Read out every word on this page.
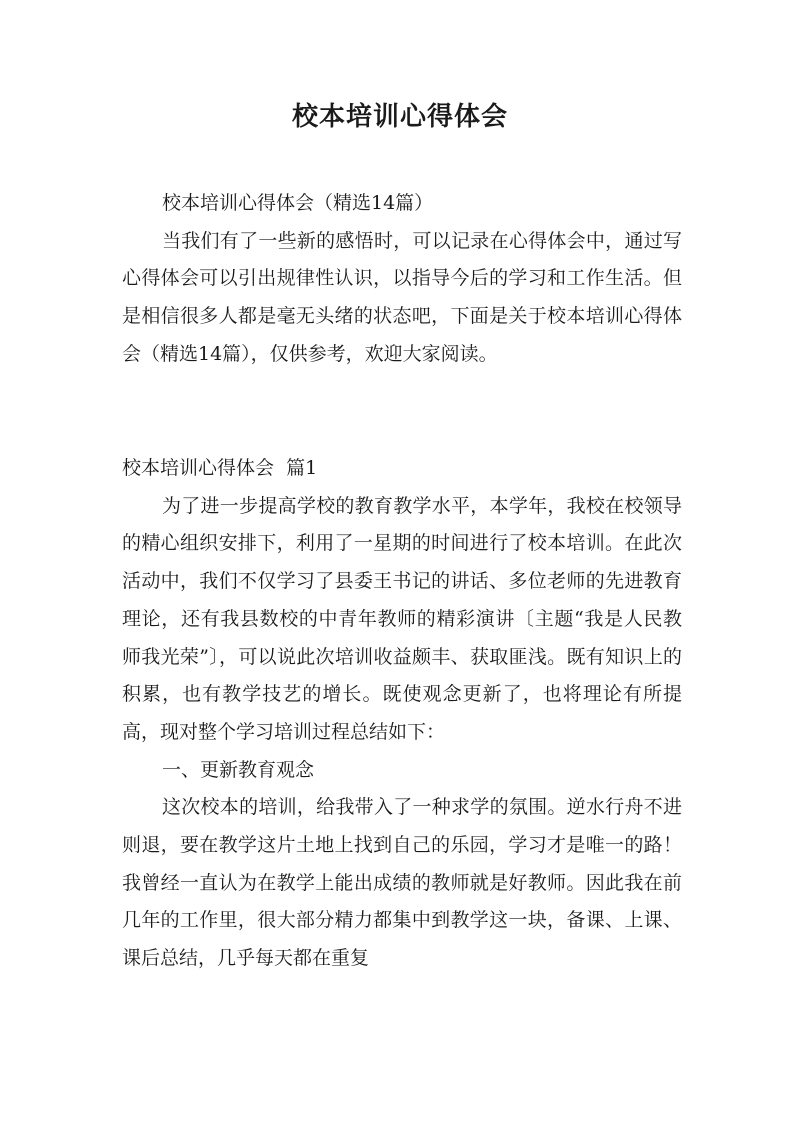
校本培训心得体会

校本培训心得体会（精选14篇）

当我们有了一些新的感悟时，可以记录在心得体会中，通过写心得体会可以引出规律性认识，以指导今后的学习和工作生活。但是相信很多人都是毫无头绪的状态吧，下面是关于校本培训心得体会（精选14篇），仅供参考，欢迎大家阅读。

校本培训心得体会  篇1

为了进一步提高学校的教育教学水平，本学年，我校在校领导的精心组织安排下，利用了一星期的时间进行了校本培训。在此次活动中，我们不仅学习了县委王书记的讲话、多位老师的先进教育理论，还有我县数校的中青年教师的精彩演讲〔主题“我是人民教师我光荣”〕，可以说此次培训收益颇丰、获取匪浅。既有知识上的积累，也有教学技艺的增长。既使观念更新了，也将理论有所提高，现对整个学习培训过程总结如下：

一、更新教育观念

这次校本的培训，给我带入了一种求学的氛围。逆水行舟不进则退，要在教学这片土地上找到自己的乐园，学习才是唯一的路！我曾经一直认为在教学上能出成绩的教师就是好教师。因此我在前几年的工作里，很大部分精力都集中到教学这一块，备课、上课、课后总结，几乎每天都在重复
